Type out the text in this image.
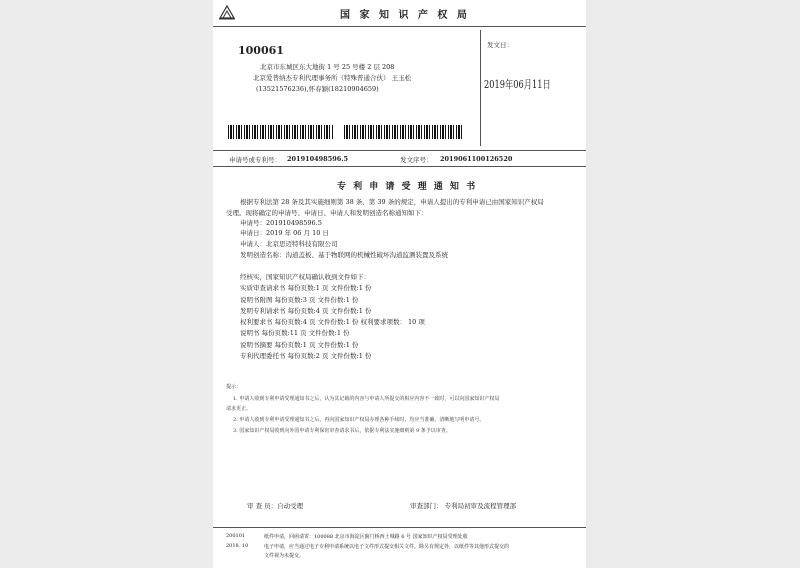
国 家 知 识 产 权 局
100061
北京市东城区东大地街 1 号 25 号楼 2 层 208
北京爱普纳杰专利代理事务所（特殊普通合伙） 王玉松
(13521576236),怀春颖(18210904659)
发文日：
2019年06月11日
申请号或专利号： 201910498596.5	发文序号： 2019061100126520
专 利 申 请 受 理 通 知 书
根据专利法第 28 条及其实施细则第 38 条、第 39 条的规定，申请人提出的专利申请已由国家知识产权局
受理。现将确定的申请号、申请日、申请人和发明创造名称通知如下：
申请号：201910498596.5
申请日：2019 年 06 月 10 日
申请人：北京思迈特科技有限公司
发明创造名称：沟道盖板、基于物联网的机械性破坏沟道监测装置及系统
经核实，国家知识产权局确认收到文件如下：
实质审查请求书 每份页数:1 页 文件份数:1 份
说明书附图 每份页数:3 页 文件份数:1 份
发明专利请求书 每份页数:4 页 文件份数:1 份
权利要求书 每份页数:4 页 文件份数:1 份 权利要求项数： 10 项
说明书 每份页数:11 页 文件份数:1 份
说明书摘要 每份页数:1 页 文件份数:1 份
专利代理委托书 每份页数:2 页 文件份数:1 份
提示：
1. 申请人收到专利申请受理通知书之后，认为其记载的内容与申请人所提交的相应内容不一致时，可以向国家知识产权局
请求更正。
2. 申请人收到专利申请受理通知书之后，再向国家知识产权局办理各种手续时，均应当准确、清晰地写明申请号。
3. 国家知识产权局收到向外国申请专利保密审查请求书后，依据专利法实施细则第 9 条予以审查。
审 查 员：自动受理	审查部门： 专利局初审及流程管理部
200101
2018. 10
纸件申请，回函请寄：100088 北京市海淀区蓟门桥西土城路 6 号 国家知识产权局受理处收
电子申请，应当通过电子专利申请系统以电子文件形式提交相关文件。除另有规定外，以纸件等其他形式提交的
文件视为未提交。
